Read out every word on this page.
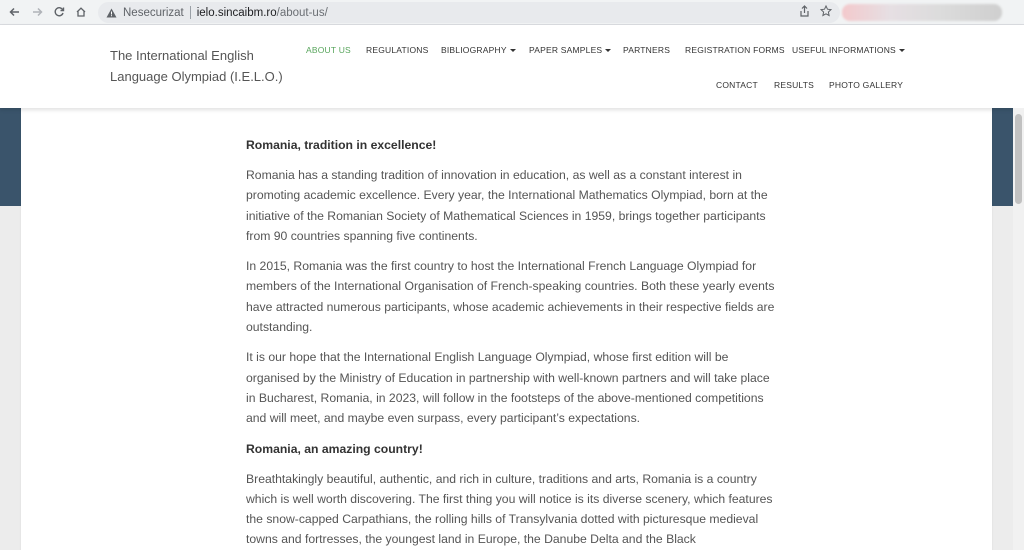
Nesecurizat ielo.sincaibm.ro /about-us/
The International English Language Olympiad (I.E.L.O.)
ABOUT US REGULATIONS BIBLIOGRAPHY	PAPER SAMPLES	PARTNERS REGISTRATION FORMS USEFUL INFORMATIONS
CONTACT RESULTS PHOTO GALLERY
Romania, tradition in excellence!

Romania has a standing tradition of innovation in education, as well as a constant interest in promoting academic excellence. Every year, the International Mathematics Olympiad, born at the initiative of the Romanian Society of Mathematical Sciences in 1959, brings together participants from 90 countries spanning five continents.

In 2015, Romania was the first country to host the International French Language Olympiad for members of the International Organisation of French-speaking countries. Both these yearly events have attracted numerous participants, whose academic achievements in their respective fields are outstanding.

It is our hope that the International English Language Olympiad, whose first edition will be organised by the Ministry of Education in partnership with well-known partners and will take place in Bucharest, Romania, in 2023, will follow in the footsteps of the above-mentioned competitions and will meet, and maybe even surpass, every participant’s expectations.

Romania, an amazing country!

Breathtakingly beautiful, authentic, and rich in culture, traditions and arts, Romania is a country which is well worth discovering. The first thing you will notice is its diverse scenery, which features the snow-capped Carpathians, the rolling hills of Transylvania dotted with picturesque medieval towns and fortresses, the youngest land in Europe, the Danube Delta and the Black
